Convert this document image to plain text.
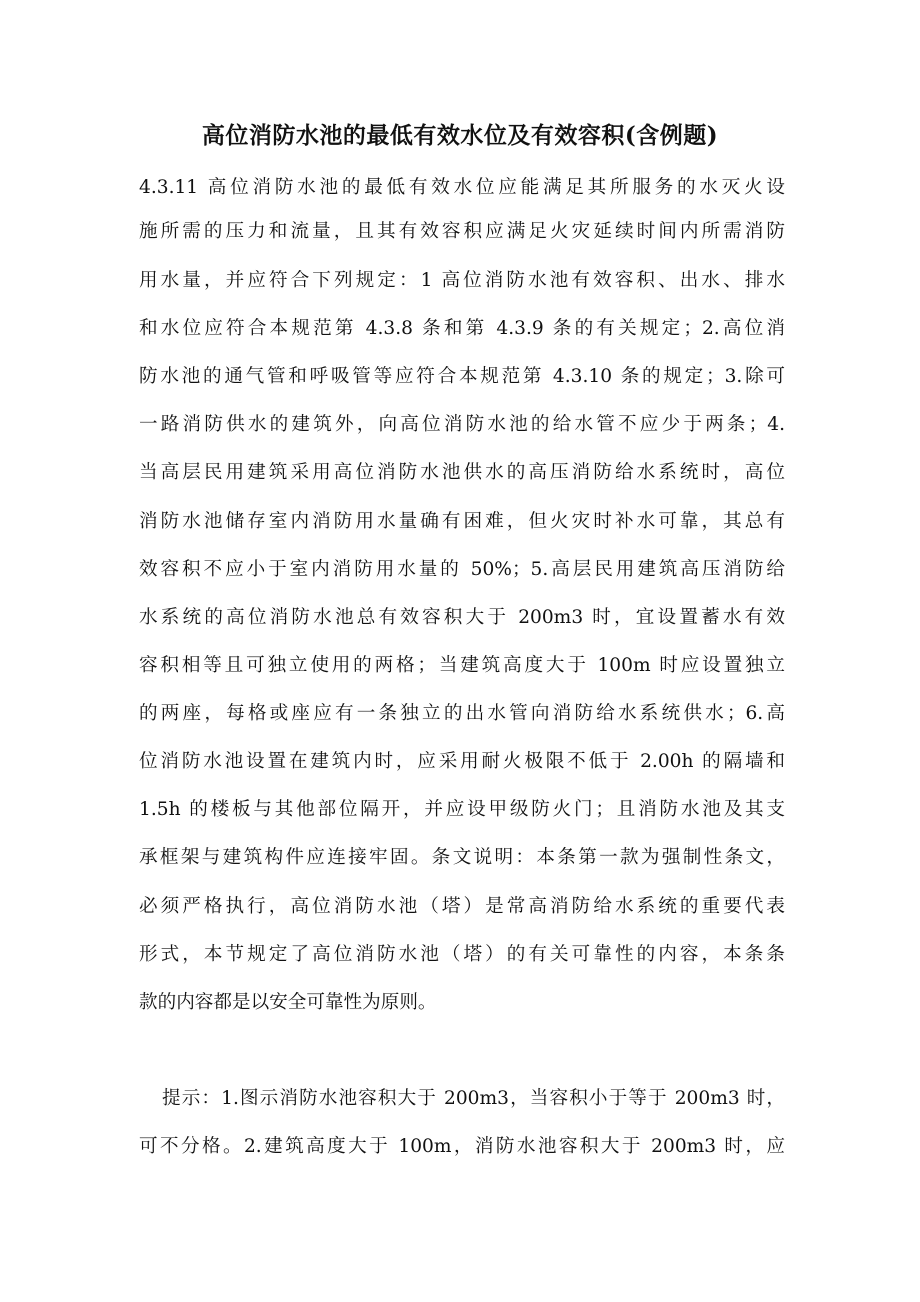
高位消防水池的最低有效水位及有效容积(含例题)
4.3.11 高位消防水池的最低有效水位应能满足其所服务的水灭火设
施所需的压力和流量，且其有效容积应满足火灾延续时间内所需消防
用水量，并应符合下列规定：1 高位消防水池有效容积、出水、排水
和水位应符合本规范第 4.3.8 条和第 4.3.9 条的有关规定；2.高位消
防水池的通气管和呼吸管等应符合本规范第 4.3.10 条的规定；3.除可
一路消防供水的建筑外，向高位消防水池的给水管不应少于两条；4.
当高层民用建筑采用高位消防水池供水的高压消防给水系统时，高位
消防水池储存室内消防用水量确有困难，但火灾时补水可靠，其总有
效容积不应小于室内消防用水量的 50%；5.高层民用建筑高压消防给
水系统的高位消防水池总有效容积大于 200m3 时，宜设置蓄水有效
容积相等且可独立使用的两格；当建筑高度大于 100m 时应设置独立
的两座，每格或座应有一条独立的出水管向消防给水系统供水；6.高
位消防水池设置在建筑内时，应采用耐火极限不低于 2.00h 的隔墙和
1.5h 的楼板与其他部位隔开，并应设甲级防火门；且消防水池及其支
承框架与建筑构件应连接牢固。条文说明：本条第一款为强制性条文，
必须严格执行，高位消防水池（塔）是常高消防给水系统的重要代表
形式，本节规定了高位消防水池（塔）的有关可靠性的内容，本条条
款的内容都是以安全可靠性为原则。
提示：1.图示消防水池容积大于 200m3，当容积小于等于 200m3 时，
可不分格。2.建筑高度大于 100m，消防水池容积大于 200m3 时，应
